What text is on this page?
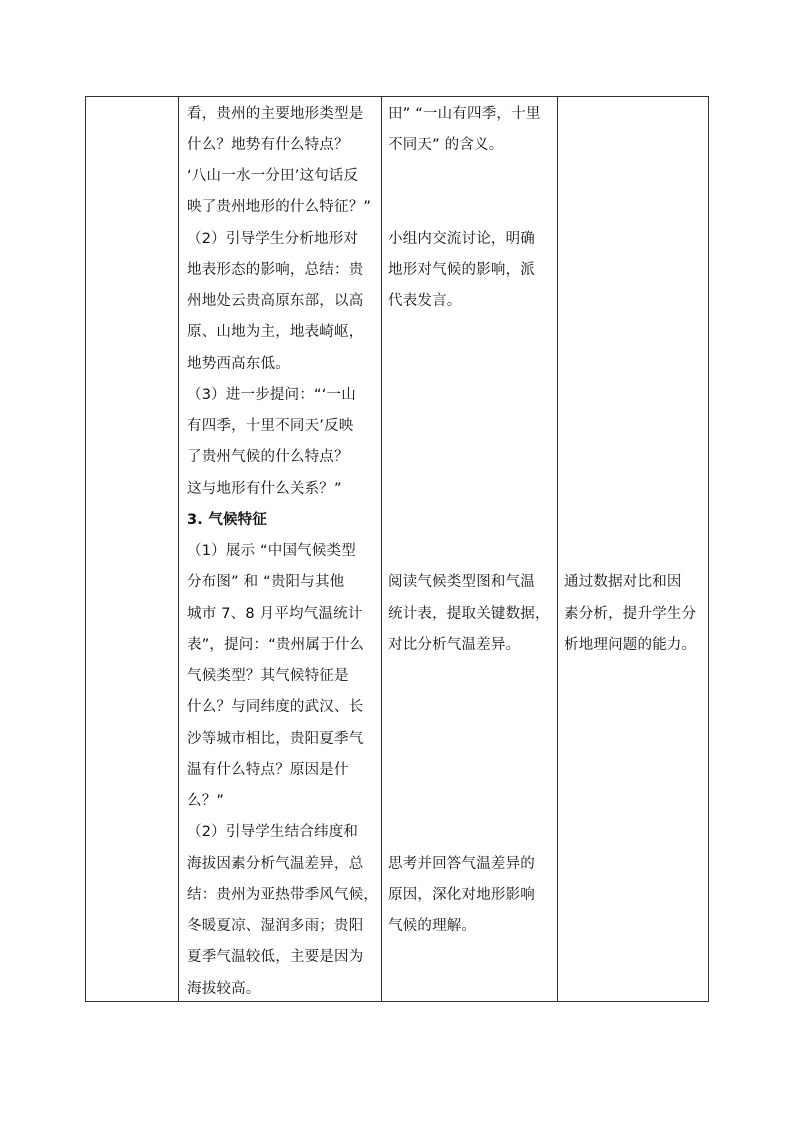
看，贵州的主要地形类型是
什么？地势有什么特点？
‘八山一水一分田’这句话反
映了贵州地形的什么特征？”
（2）引导学生分析地形对
地表形态的影响，总结：贵
州地处云贵高原东部，以高
原、山地为主，地表崎岖，
地势西高东低。
（3）进一步提问：“‘一山
有四季，十里不同天’反映
了贵州气候的什么特点？
这与地形有什么关系？”
3. 气候特征
（1）展示 “中国气候类型
分布图” 和 “贵阳与其他
城市 7、8 月平均气温统计
表”，提问：“贵州属于什么
气候类型？其气候特征是
什么？与同纬度的武汉、长
沙等城市相比，贵阳夏季气
温有什么特点？原因是什
么？”
（2）引导学生结合纬度和
海拔因素分析气温差异，总
结：贵州为亚热带季风气候，
冬暖夏凉、湿润多雨；贵阳
夏季气温较低，主要是因为
海拔较高。
田” “一山有四季，十里
不同天” 的含义。
小组内交流讨论，明确
地形对气候的影响，派
代表发言。
阅读气候类型图和气温
统计表，提取关键数据，
对比分析气温差异。
思考并回答气温差异的
原因，深化对地形影响
气候的理解。
通过数据对比和因
素分析，提升学生分
析地理问题的能力。
